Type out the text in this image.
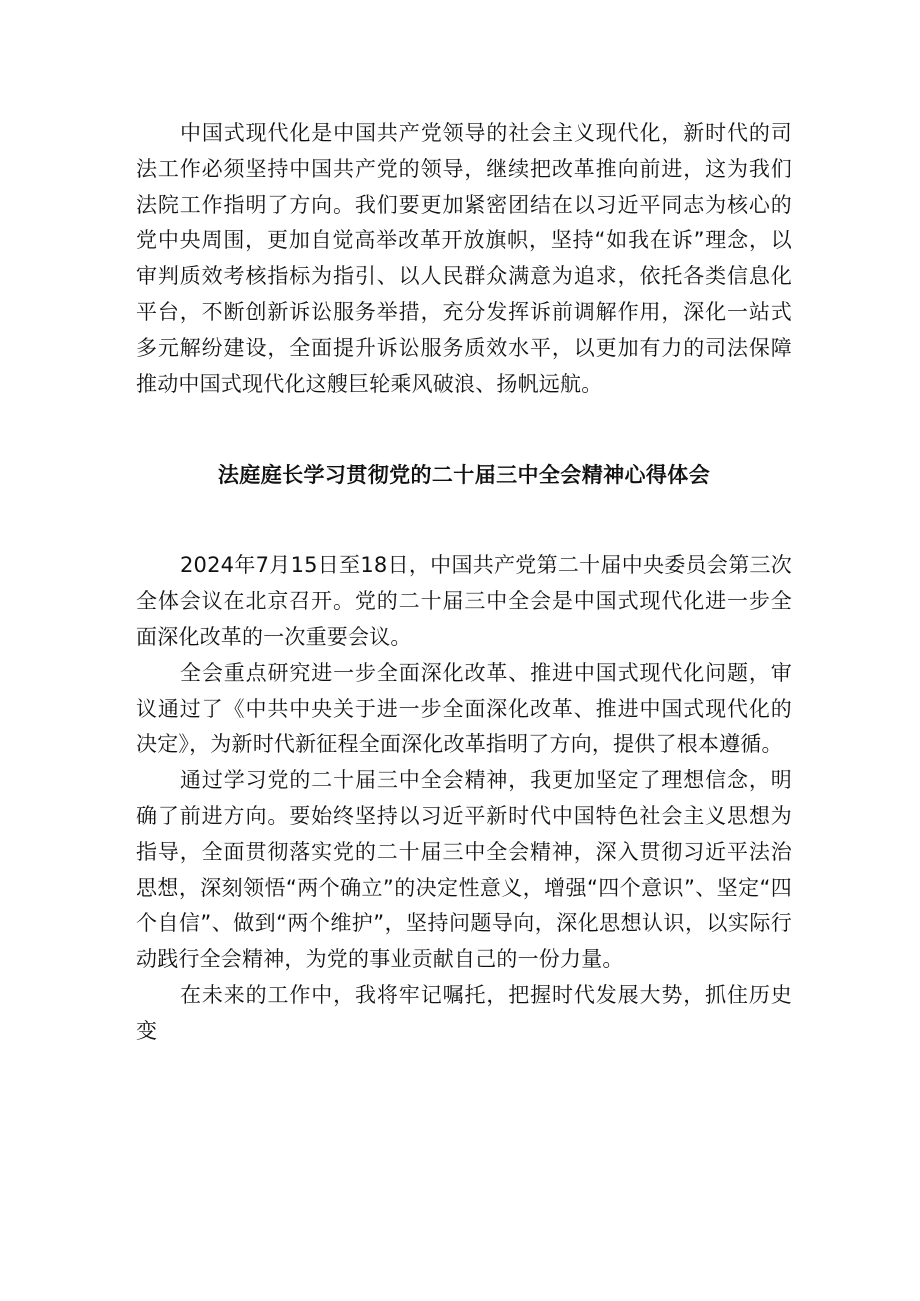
中国式现代化是中国共产党领导的社会主义现代化，新时代的司法工作必须坚持中国共产党的领导，继续把改革推向前进，这为我们法院工作指明了方向。我们要更加紧密团结在以习近平同志为核心的党中央周围，更加自觉高举改革开放旗帜，坚持“如我在诉”理念，以审判质效考核指标为指引、以人民群众满意为追求，依托各类信息化平台，不断创新诉讼服务举措，充分发挥诉前调解作用，深化一站式多元解纷建设，全面提升诉讼服务质效水平，以更加有力的司法保障推动中国式现代化这艘巨轮乘风破浪、扬帆远航。

法庭庭长学习贯彻党的二十届三中全会精神心得体会

2024年7月15日至18日，中国共产党第二十届中央委员会第三次全体会议在北京召开。党的二十届三中全会是中国式现代化进一步全面深化改革的一次重要会议。

全会重点研究进一步全面深化改革、推进中国式现代化问题，审议通过了《中共中央关于进一步全面深化改革、推进中国式现代化的决定》，为新时代新征程全面深化改革指明了方向，提供了根本遵循。

通过学习党的二十届三中全会精神，我更加坚定了理想信念，明确了前进方向。要始终坚持以习近平新时代中国特色社会主义思想为指导，全面贯彻落实党的二十届三中全会精神，深入贯彻习近平法治思想，深刻领悟“两个确立”的决定性意义，增强“四个意识”、坚定“四个自信”、做到“两个维护”，坚持问题导向，深化思想认识，以实际行动践行全会精神，为党的事业贡献自己的一份力量。

在未来的工作中，我将牢记嘱托，把握时代发展大势，抓住历史变
